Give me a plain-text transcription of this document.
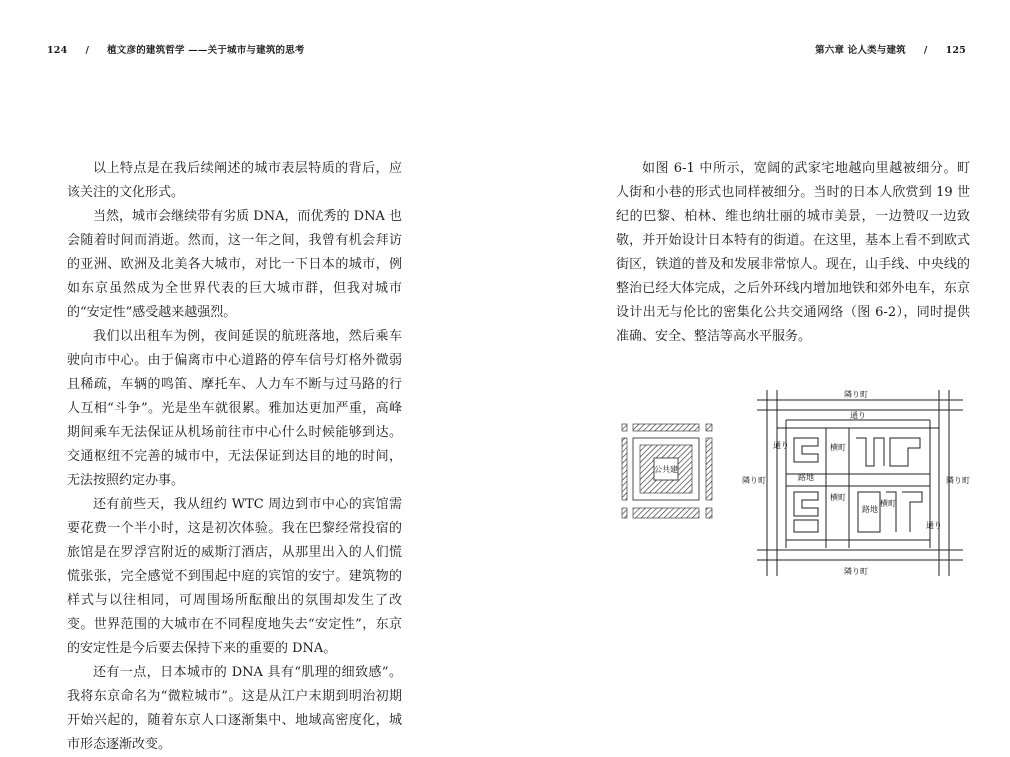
124 / 植文彦的建筑哲学 ——关于城市与建筑的思考

以上特点是在我后续阐述的城市表层特质的背后，应该关注的文化形式。

当然，城市会继续带有劣质 DNA，而优秀的 DNA 也会随着时间而消逝。然而，这一年之间，我曾有机会拜访的亚洲、欧洲及北美各大城市，对比一下日本的城市，例如东京虽然成为全世界代表的巨大城市群，但我对城市的“安定性”感受越来越强烈。

我们以出租车为例，夜间延误的航班落地，然后乘车驶向市中心。由于偏离市中心道路的停车信号灯格外微弱且稀疏，车辆的鸣笛、摩托车、人力车不断与过马路的行人互相“斗争”。光是坐车就很累。雅加达更加严重，高峰期间乘车无法保证从机场前往市中心什么时候能够到达。交通枢纽不完善的城市中，无法保证到达目的地的时间，无法按照约定办事。

还有前些天，我从纽约 WTC 周边到市中心的宾馆需要花费一个半小时，这是初次体验。我在巴黎经常投宿的旅馆是在罗浮宫附近的威斯汀酒店，从那里出入的人们慌慌张张，完全感觉不到围起中庭的宾馆的安宁。建筑物的样式与以往相同，可周围场所酝酿出的氛围却发生了改变。世界范围的大城市在不同程度地失去“安定性”，东京的安定性是今后要去保持下来的重要的 DNA。

还有一点，日本城市的 DNA 具有“肌理的细致感”。我将东京命名为“微粒城市”。这是从江户末期到明治初期开始兴起的，随着东京人口逐渐集中、地域高密度化，城市形态逐渐改变。

第六章 论人类与建筑 / 125

如图 6-1 中所示，宽阔的武家宅地越向里越被细分。町人街和小巷的形式也同样被细分。当时的日本人欣赏到 19 世纪的巴黎、柏林、维也纳壮丽的城市美景，一边赞叹一边致敬，并开始设计日本特有的街道。在这里，基本上看不到欧式街区，铁道的普及和发展非常惊人。现在，山手线、中央线的整治已经大体完成，之后外环线内增加地铁和郊外电车，东京设计出无与伦比的密集化公共交通网络（图 6-2），同时提供准确、安全、整洁等高水平服务。

公共建
隣り町
隣り町
隣り町	隣り町
通り
通り
通り
横町
横町
横町
路地
路地
